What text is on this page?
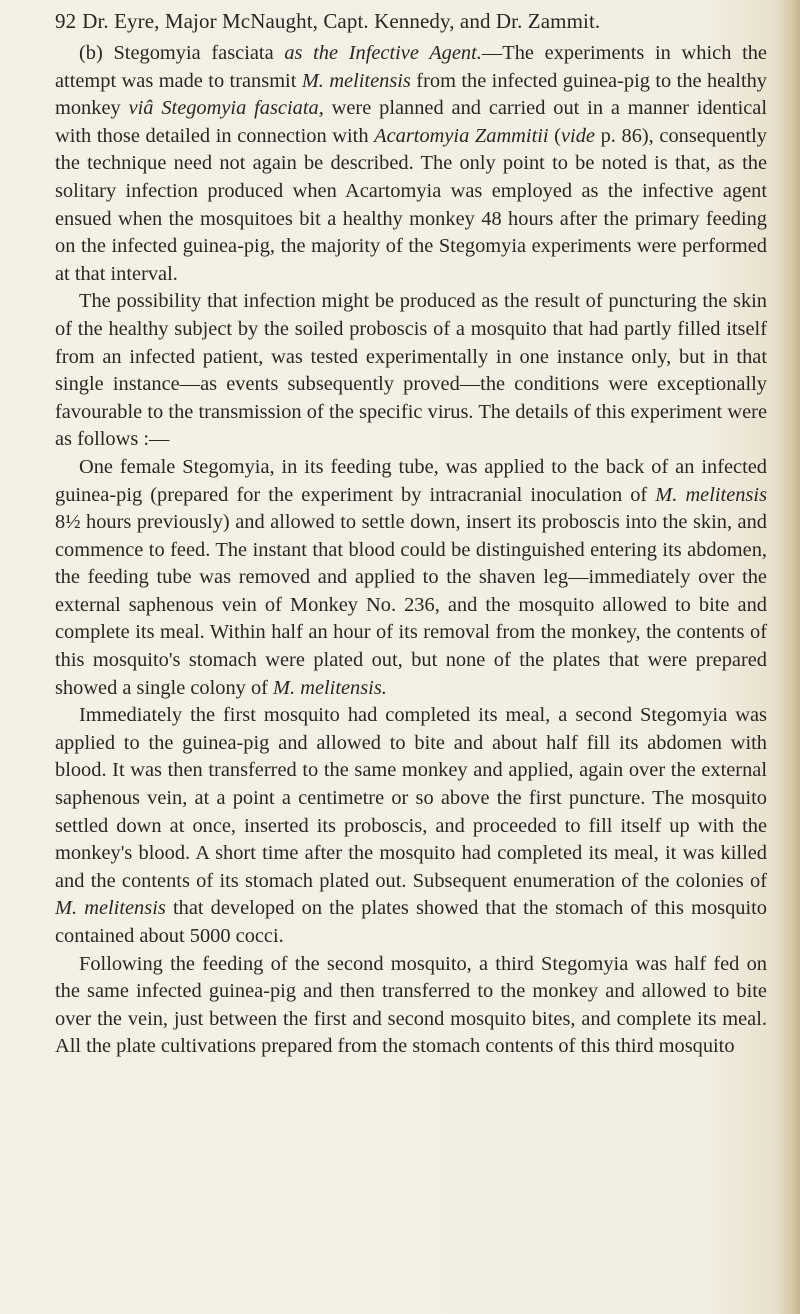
92 Dr. Eyre, Major McNaught, Capt. Kennedy, and Dr. Zammit.

(b) Stegomyia fasciata as the Infective Agent.—The experiments in which the attempt was made to transmit M. melitensis from the infected guinea-pig to the healthy monkey viâ Stegomyia fasciata, were planned and carried out in a manner identical with those detailed in connection with Acartomyia Zammitii (vide p. 86), consequently the technique need not again be described. The only point to be noted is that, as the solitary infection produced when Acartomyia was employed as the infective agent ensued when the mosquitoes bit a healthy monkey 48 hours after the primary feeding on the infected guinea-pig, the majority of the Stegomyia experiments were performed at that interval.

The possibility that infection might be produced as the result of puncturing the skin of the healthy subject by the soiled proboscis of a mosquito that had partly filled itself from an infected patient, was tested experimentally in one instance only, but in that single instance—as events subsequently proved—the conditions were exceptionally favourable to the transmission of the specific virus. The details of this experiment were as follows :—

One female Stegomyia, in its feeding tube, was applied to the back of an infected guinea-pig (prepared for the experiment by intracranial inoculation of M. melitensis 8½ hours previously) and allowed to settle down, insert its proboscis into the skin, and commence to feed. The instant that blood could be distinguished entering its abdomen, the feeding tube was removed and applied to the shaven leg—immediately over the external saphenous vein of Monkey No. 236, and the mosquito allowed to bite and complete its meal. Within half an hour of its removal from the monkey, the contents of this mosquito's stomach were plated out, but none of the plates that were prepared showed a single colony of M. melitensis.

Immediately the first mosquito had completed its meal, a second Stegomyia was applied to the guinea-pig and allowed to bite and about half fill its abdomen with blood. It was then transferred to the same monkey and applied, again over the external saphenous vein, at a point a centimetre or so above the first puncture. The mosquito settled down at once, inserted its proboscis, and proceeded to fill itself up with the monkey's blood. A short time after the mosquito had completed its meal, it was killed and the contents of its stomach plated out. Subsequent enumeration of the colonies of M. melitensis that developed on the plates showed that the stomach of this mosquito contained about 5000 cocci.

Following the feeding of the second mosquito, a third Stegomyia was half fed on the same infected guinea-pig and then transferred to the monkey and allowed to bite over the vein, just between the first and second mosquito bites, and complete its meal. All the plate cultivations prepared from the stomach contents of this third mosquito
